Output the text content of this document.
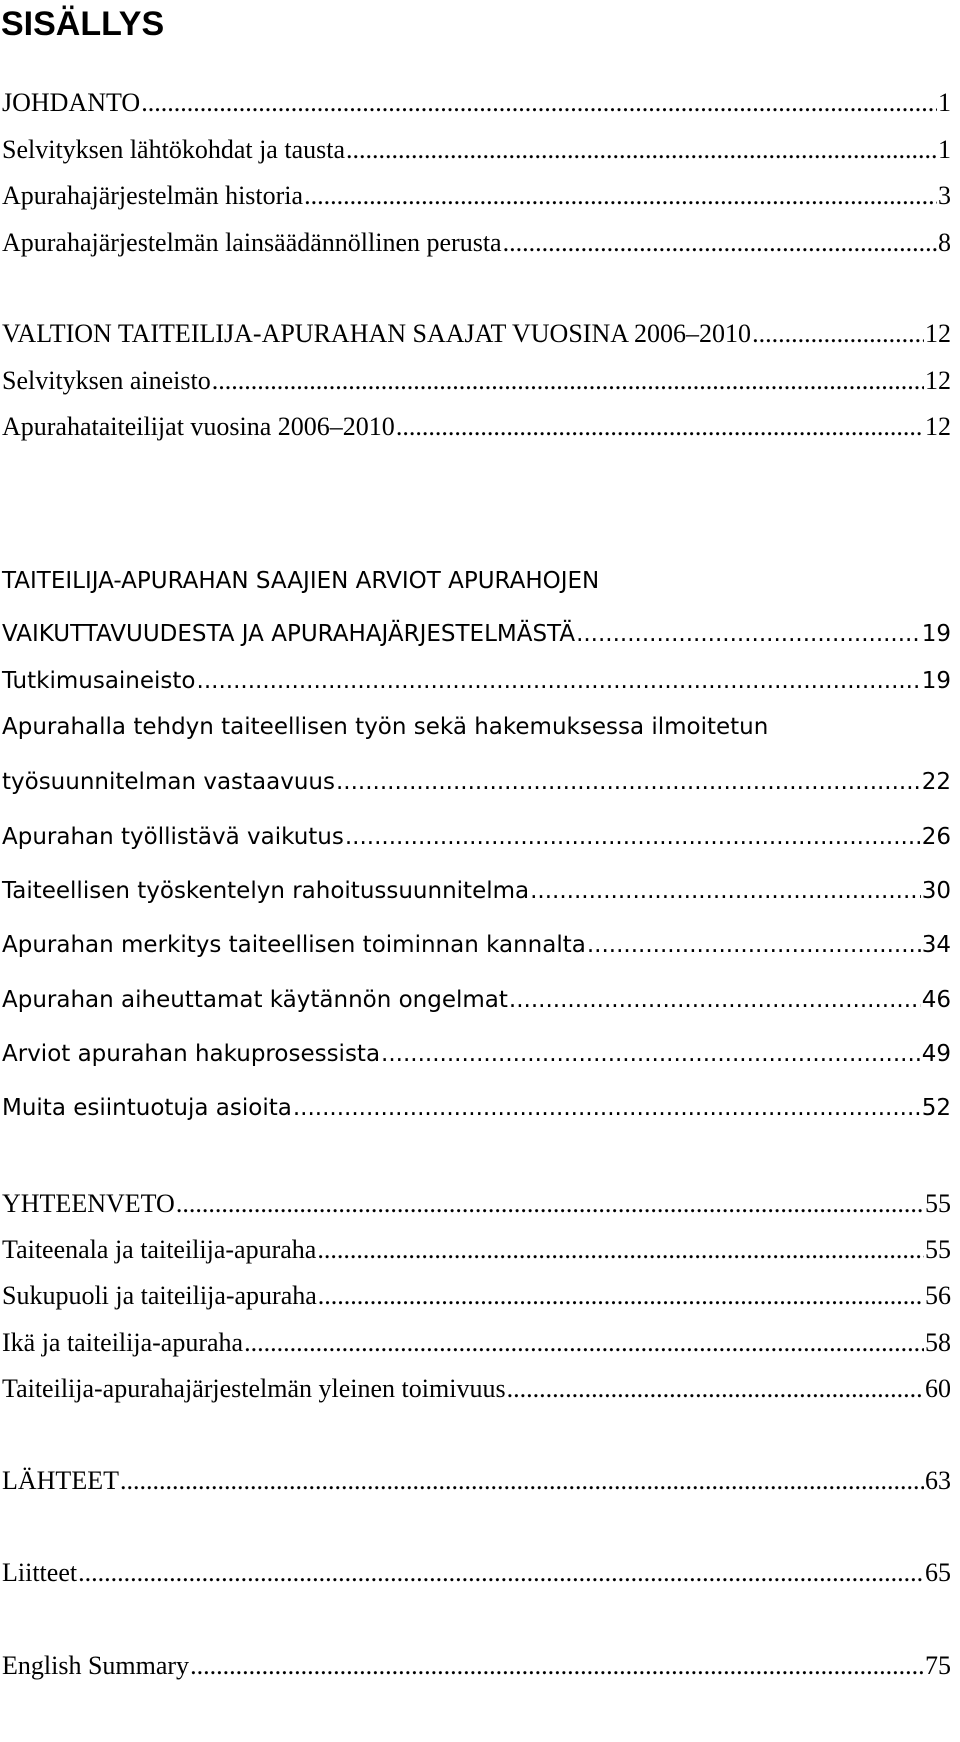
SISÄLLYS
JOHDANTO .....	1
Selvityksen lähtökohdat ja tausta .....	1
Apurahajärjestelmän historia .....	3
Apurahajärjestelmän lainsäädännöllinen perusta .....	8
VALTION TAITEILIJA-APURAHAN SAAJAT VUOSINA 2006–2010 .....	12
Selvityksen aineisto .....	12
Apurahataiteilijat vuosina 2006–2010 .....	12
TAITEILIJA-APURAHAN SAAJIEN ARVIOT APURAHOJEN
VAIKUTTAVUUDESTA JA APURAHAJÄRJESTELMÄSTÄ .....	19
Tutkimusaineisto .....	19
Apurahalla tehdyn taiteellisen työn sekä hakemuksessa ilmoitetun
työsuunnitelman vastaavuus .....	22
Apurahan työllistävä vaikutus .....	26
Taiteellisen työskentelyn rahoitussuunnitelma .....	30
Apurahan merkitys taiteellisen toiminnan kannalta .....	34
Apurahan aiheuttamat käytännön ongelmat .....	46
Arviot apurahan hakuprosessista .....	49
Muita esiintuotuja asioita .....	52
YHTEENVETO .....	55
Taiteenala ja taiteilija-apuraha .....	55
Sukupuoli ja taiteilija-apuraha .....	56
Ikä ja taiteilija-apuraha .....	58
Taiteilija-apurahajärjestelmän yleinen toimivuus .....	60
LÄHTEET .....	63
Liitteet .....	65
English Summary .....	75
